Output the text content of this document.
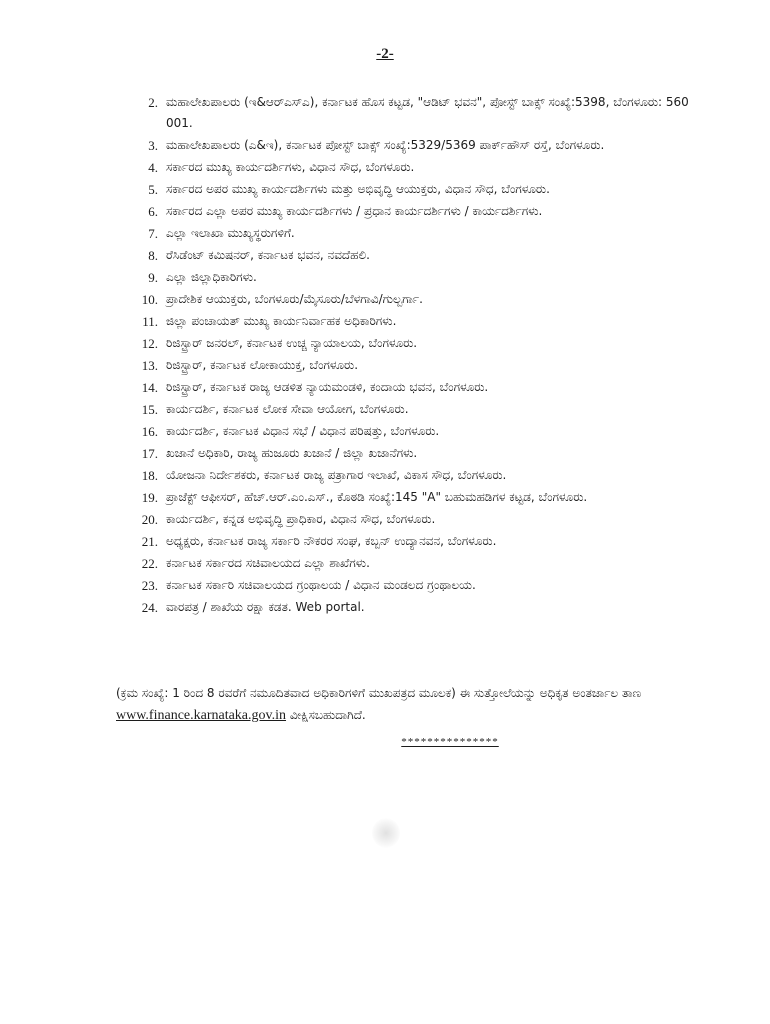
-2-
2. ಮಹಾಲೇಖಪಾಲರು (ಇ&ಆರ್‌ಎಸ್‌ಎ), ಕರ್ನಾಟಕ ಹೊಸ ಕಟ್ಟಡ, "ಆಡಿಟ್ ಭವನ", ಪೋಸ್ಟ್ ಬಾಕ್ಸ್ ಸಂಖ್ಯೆ:5398, ಬೆಂಗಳೂರು: 560 001.
3. ಮಹಾಲೇಖಪಾಲರು (ಎ&ಇ), ಕರ್ನಾಟಕ ಪೋಸ್ಟ್ ಬಾಕ್ಸ್ ಸಂಖ್ಯೆ:5329/5369 ಪಾರ್ಕ್‌ಹೌಸ್ ರಸ್ತೆ, ಬೆಂಗಳೂರು.
4. ಸರ್ಕಾರದ ಮುಖ್ಯ ಕಾರ್ಯದರ್ಶಿಗಳು, ವಿಧಾನ ಸೌಧ, ಬೆಂಗಳೂರು.
5. ಸರ್ಕಾರದ ಅಪರ ಮುಖ್ಯ ಕಾರ್ಯದರ್ಶಿಗಳು ಮತ್ತು ಅಭಿವೃದ್ಧಿ ಆಯುಕ್ತರು, ವಿಧಾನ ಸೌಧ, ಬೆಂಗಳೂರು.
6. ಸರ್ಕಾರದ ಎಲ್ಲಾ ಅಪರ ಮುಖ್ಯ ಕಾರ್ಯದರ್ಶಿಗಳು / ಪ್ರಧಾನ ಕಾರ್ಯದರ್ಶಿಗಳು / ಕಾರ್ಯದರ್ಶಿಗಳು.
7. ಎಲ್ಲಾ ಇಲಾಖಾ ಮುಖ್ಯಸ್ಥರುಗಳಿಗೆ.
8. ರೆಸಿಡೆಂಟ್ ಕಮಿಷನರ್, ಕರ್ನಾಟಕ ಭವನ, ನವದೆಹಲಿ.
9. ಎಲ್ಲಾ ಜಿಲ್ಲಾಧಿಕಾರಿಗಳು.
10. ಪ್ರಾದೇಶಿಕ ಆಯುಕ್ತರು, ಬೆಂಗಳೂರು/ಮೈಸೂರು/ಬೆಳಗಾವಿ/ಗುಲ್ಬರ್ಗಾ.
11. ಜಿಲ್ಲಾ ಪಂಚಾಯತ್ ಮುಖ್ಯ ಕಾರ್ಯನಿರ್ವಾಹಕ ಅಧಿಕಾರಿಗಳು.
12. ರಿಜಿಸ್ಟ್ರಾರ್ ಜನರಲ್, ಕರ್ನಾಟಕ ಉಚ್ಚ ನ್ಯಾಯಾಲಯ, ಬೆಂಗಳೂರು.
13. ರಿಜಿಸ್ಟ್ರಾರ್, ಕರ್ನಾಟಕ ಲೋಕಾಯುಕ್ತ, ಬೆಂಗಳೂರು.
14. ರಿಜಿಸ್ಟ್ರಾರ್, ಕರ್ನಾಟಕ ರಾಜ್ಯ ಆಡಳಿತ ನ್ಯಾಯಮಂಡಳಿ, ಕಂದಾಯ ಭವನ, ಬೆಂಗಳೂರು.
15. ಕಾರ್ಯದರ್ಶಿ, ಕರ್ನಾಟಕ ಲೋಕ ಸೇವಾ ಆಯೋಗ, ಬೆಂಗಳೂರು.
16. ಕಾರ್ಯದರ್ಶಿ, ಕರ್ನಾಟಕ ವಿಧಾನ ಸಭೆ / ವಿಧಾನ ಪರಿಷತ್ತು, ಬೆಂಗಳೂರು.
17. ಖಜಾನೆ ಅಧಿಕಾರಿ, ರಾಜ್ಯ ಹುಜೂರು ಖಜಾನೆ / ಜಿಲ್ಲಾ ಖಜಾನೆಗಳು.
18. ಯೋಜನಾ ನಿರ್ದೇಶಕರು, ಕರ್ನಾಟಕ ರಾಜ್ಯ ಪತ್ರಾಗಾರ ಇಲಾಖೆ, ವಿಕಾಸ ಸೌಧ, ಬೆಂಗಳೂರು.
19. ಪ್ರಾಜೆಕ್ಟ್ ಆಫೀಸರ್, ಹೆಚ್.ಆರ್.ಎಂ.ಎಸ್., ಕೊಠಡಿ ಸಂಖ್ಯೆ:145 "A" ಬಹುಮಹಡಿಗಳ ಕಟ್ಟಡ, ಬೆಂಗಳೂರು.
20. ಕಾರ್ಯದರ್ಶಿ, ಕನ್ನಡ ಅಭಿವೃದ್ಧಿ ಪ್ರಾಧಿಕಾರ, ವಿಧಾನ ಸೌಧ, ಬೆಂಗಳೂರು.
21. ಅಧ್ಯಕ್ಷರು, ಕರ್ನಾಟಕ ರಾಜ್ಯ ಸರ್ಕಾರಿ ನೌಕರರ ಸಂಘ, ಕಬ್ಬನ್ ಉದ್ಯಾನವನ, ಬೆಂಗಳೂರು.
22. ಕರ್ನಾಟಕ ಸರ್ಕಾರದ ಸಚಿವಾಲಯದ ಎಲ್ಲಾ ಶಾಖೆಗಳು.
23. ಕರ್ನಾಟಕ ಸರ್ಕಾರಿ ಸಚಿವಾಲಯದ ಗ್ರಂಥಾಲಯ / ವಿಧಾನ ಮಂಡಲದ ಗ್ರಂಥಾಲಯ.
24. ವಾರಪತ್ರ / ಶಾಖೆಯ ರಕ್ಷಾ ಕಡತ. Web portal.
(ಕ್ರಮ ಸಂಖ್ಯೆ: 1 ರಿಂದ 8 ರವರೆಗೆ ನಮೂದಿತವಾದ ಅಧಿಕಾರಿಗಳಿಗೆ ಮುಖಪತ್ರದ ಮೂಲಕ) ಈ ಸುತ್ತೋಲೆಯನ್ನು ಅಧಿಕೃತ ಅಂತರ್ಜಾಲ ತಾಣ www.finance.karnataka.gov.in ವೀಕ್ಷಿಸಬಹುದಾಗಿದೆ.
***************
